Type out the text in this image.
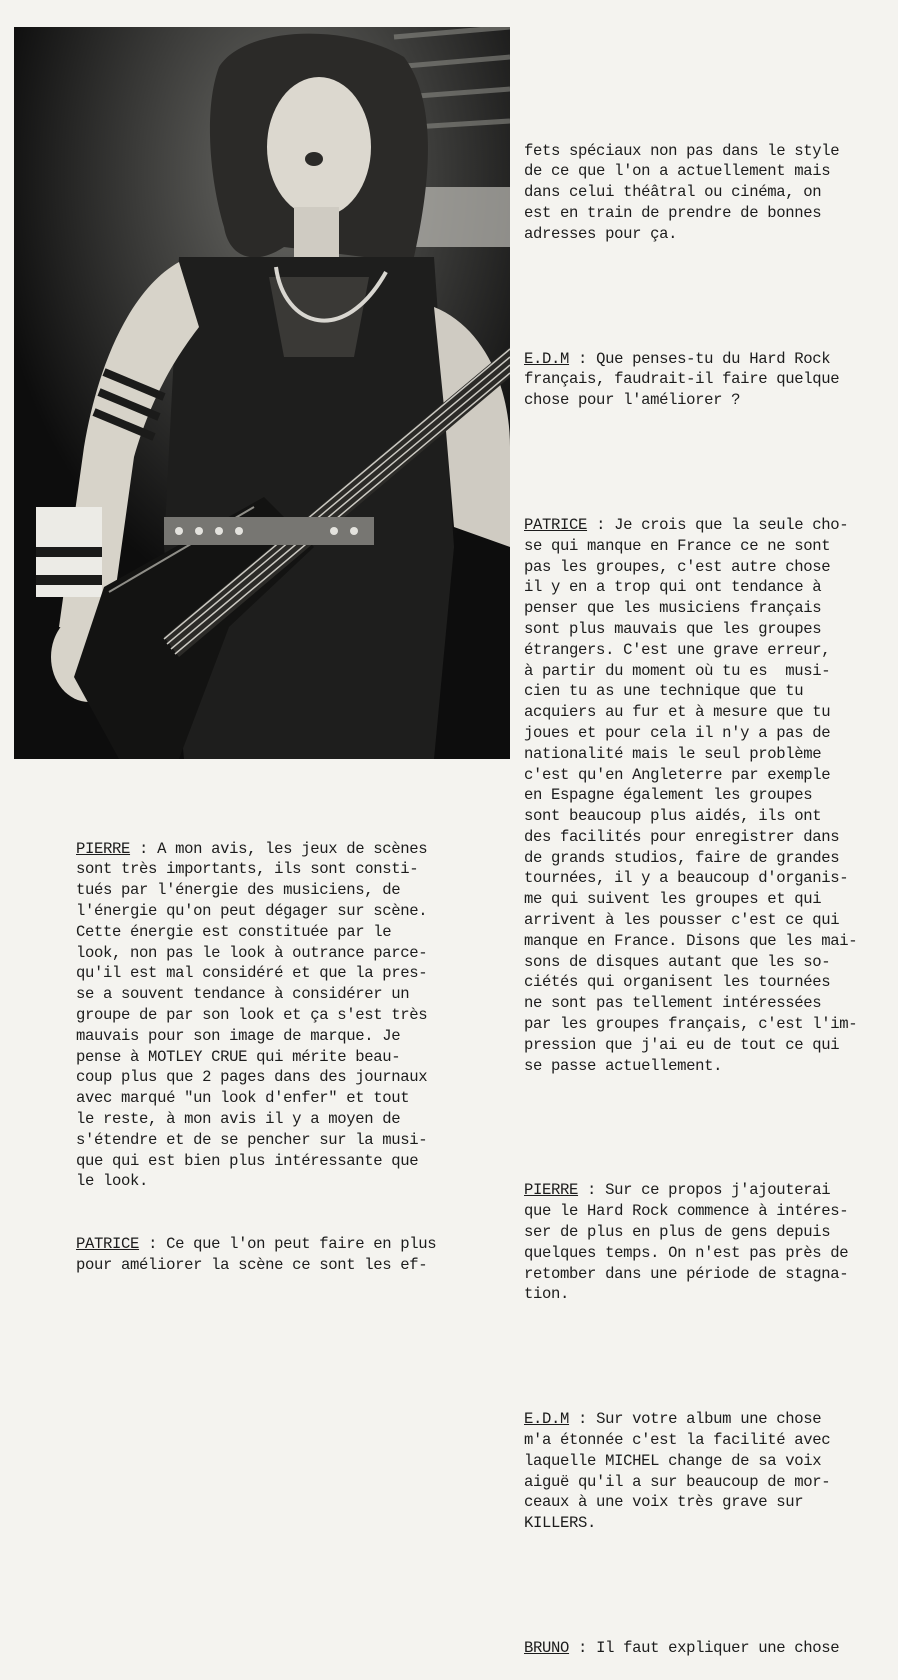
fets spéciaux non pas dans le style
de ce que l'on a actuellement mais
dans celui théâtral ou cinéma, on
est en train de prendre de bonnes
adresses pour ça.

E.D.M : Que penses-tu du Hard Rock
français, faudrait-il faire quelque
chose pour l'améliorer ?

PATRICE : Je crois que la seule cho-
se qui manque en France ce ne sont
pas les groupes, c'est autre chose
il y en a trop qui ont tendance à
penser que les musiciens français
sont plus mauvais que les groupes
étrangers. C'est une grave erreur,
à partir du moment où tu es  musi-
cien tu as une technique que tu
acquiers au fur et à mesure que tu
joues et pour cela il n'y a pas de
nationalité mais le seul problème
c'est qu'en Angleterre par exemple
en Espagne également les groupes
sont beaucoup plus aidés, ils ont
des facilités pour enregistrer dans
de grands studios, faire de grandes
tournées, il y a beaucoup d'organis-
me qui suivent les groupes et qui
arrivent à les pousser c'est ce qui
manque en France. Disons que les mai-
sons de disques autant que les so-
ciétés qui organisent les tournées
ne sont pas tellement intéressées
par les groupes français, c'est l'im-
pression que j'ai eu de tout ce qui
se passe actuellement.

PIERRE : Sur ce propos j'ajouterai
que le Hard Rock commence à intéres-
ser de plus en plus de gens depuis
quelques temps. On n'est pas près de
retomber dans une période de stagna-
tion.

E.D.M : Sur votre album une chose
m'a étonnée c'est la facilité avec
laquelle MICHEL change de sa voix
aiguë qu'il a sur beaucoup de mor-
ceaux à une voix très grave sur
KILLERS.

BRUNO : Il faut expliquer une chose

PIERRE : A mon avis, les jeux de scènes
sont très importants, ils sont consti-
tués par l'énergie des musiciens, de
l'énergie qu'on peut dégager sur scène.
Cette énergie est constituée par le
look, non pas le look à outrance parce-
qu'il est mal considéré et que la pres-
se a souvent tendance à considérer un
groupe de par son look et ça s'est très
mauvais pour son image de marque. Je
pense à MOTLEY CRUE qui mérite beau-
coup plus que 2 pages dans des journaux
avec marqué "un look d'enfer" et tout
le reste, à mon avis il y a moyen de
s'étendre et de se pencher sur la musi-
que qui est bien plus intéressante que
le look.

PATRICE : Ce que l'on peut faire en plus
pour améliorer la scène ce sont les ef-
